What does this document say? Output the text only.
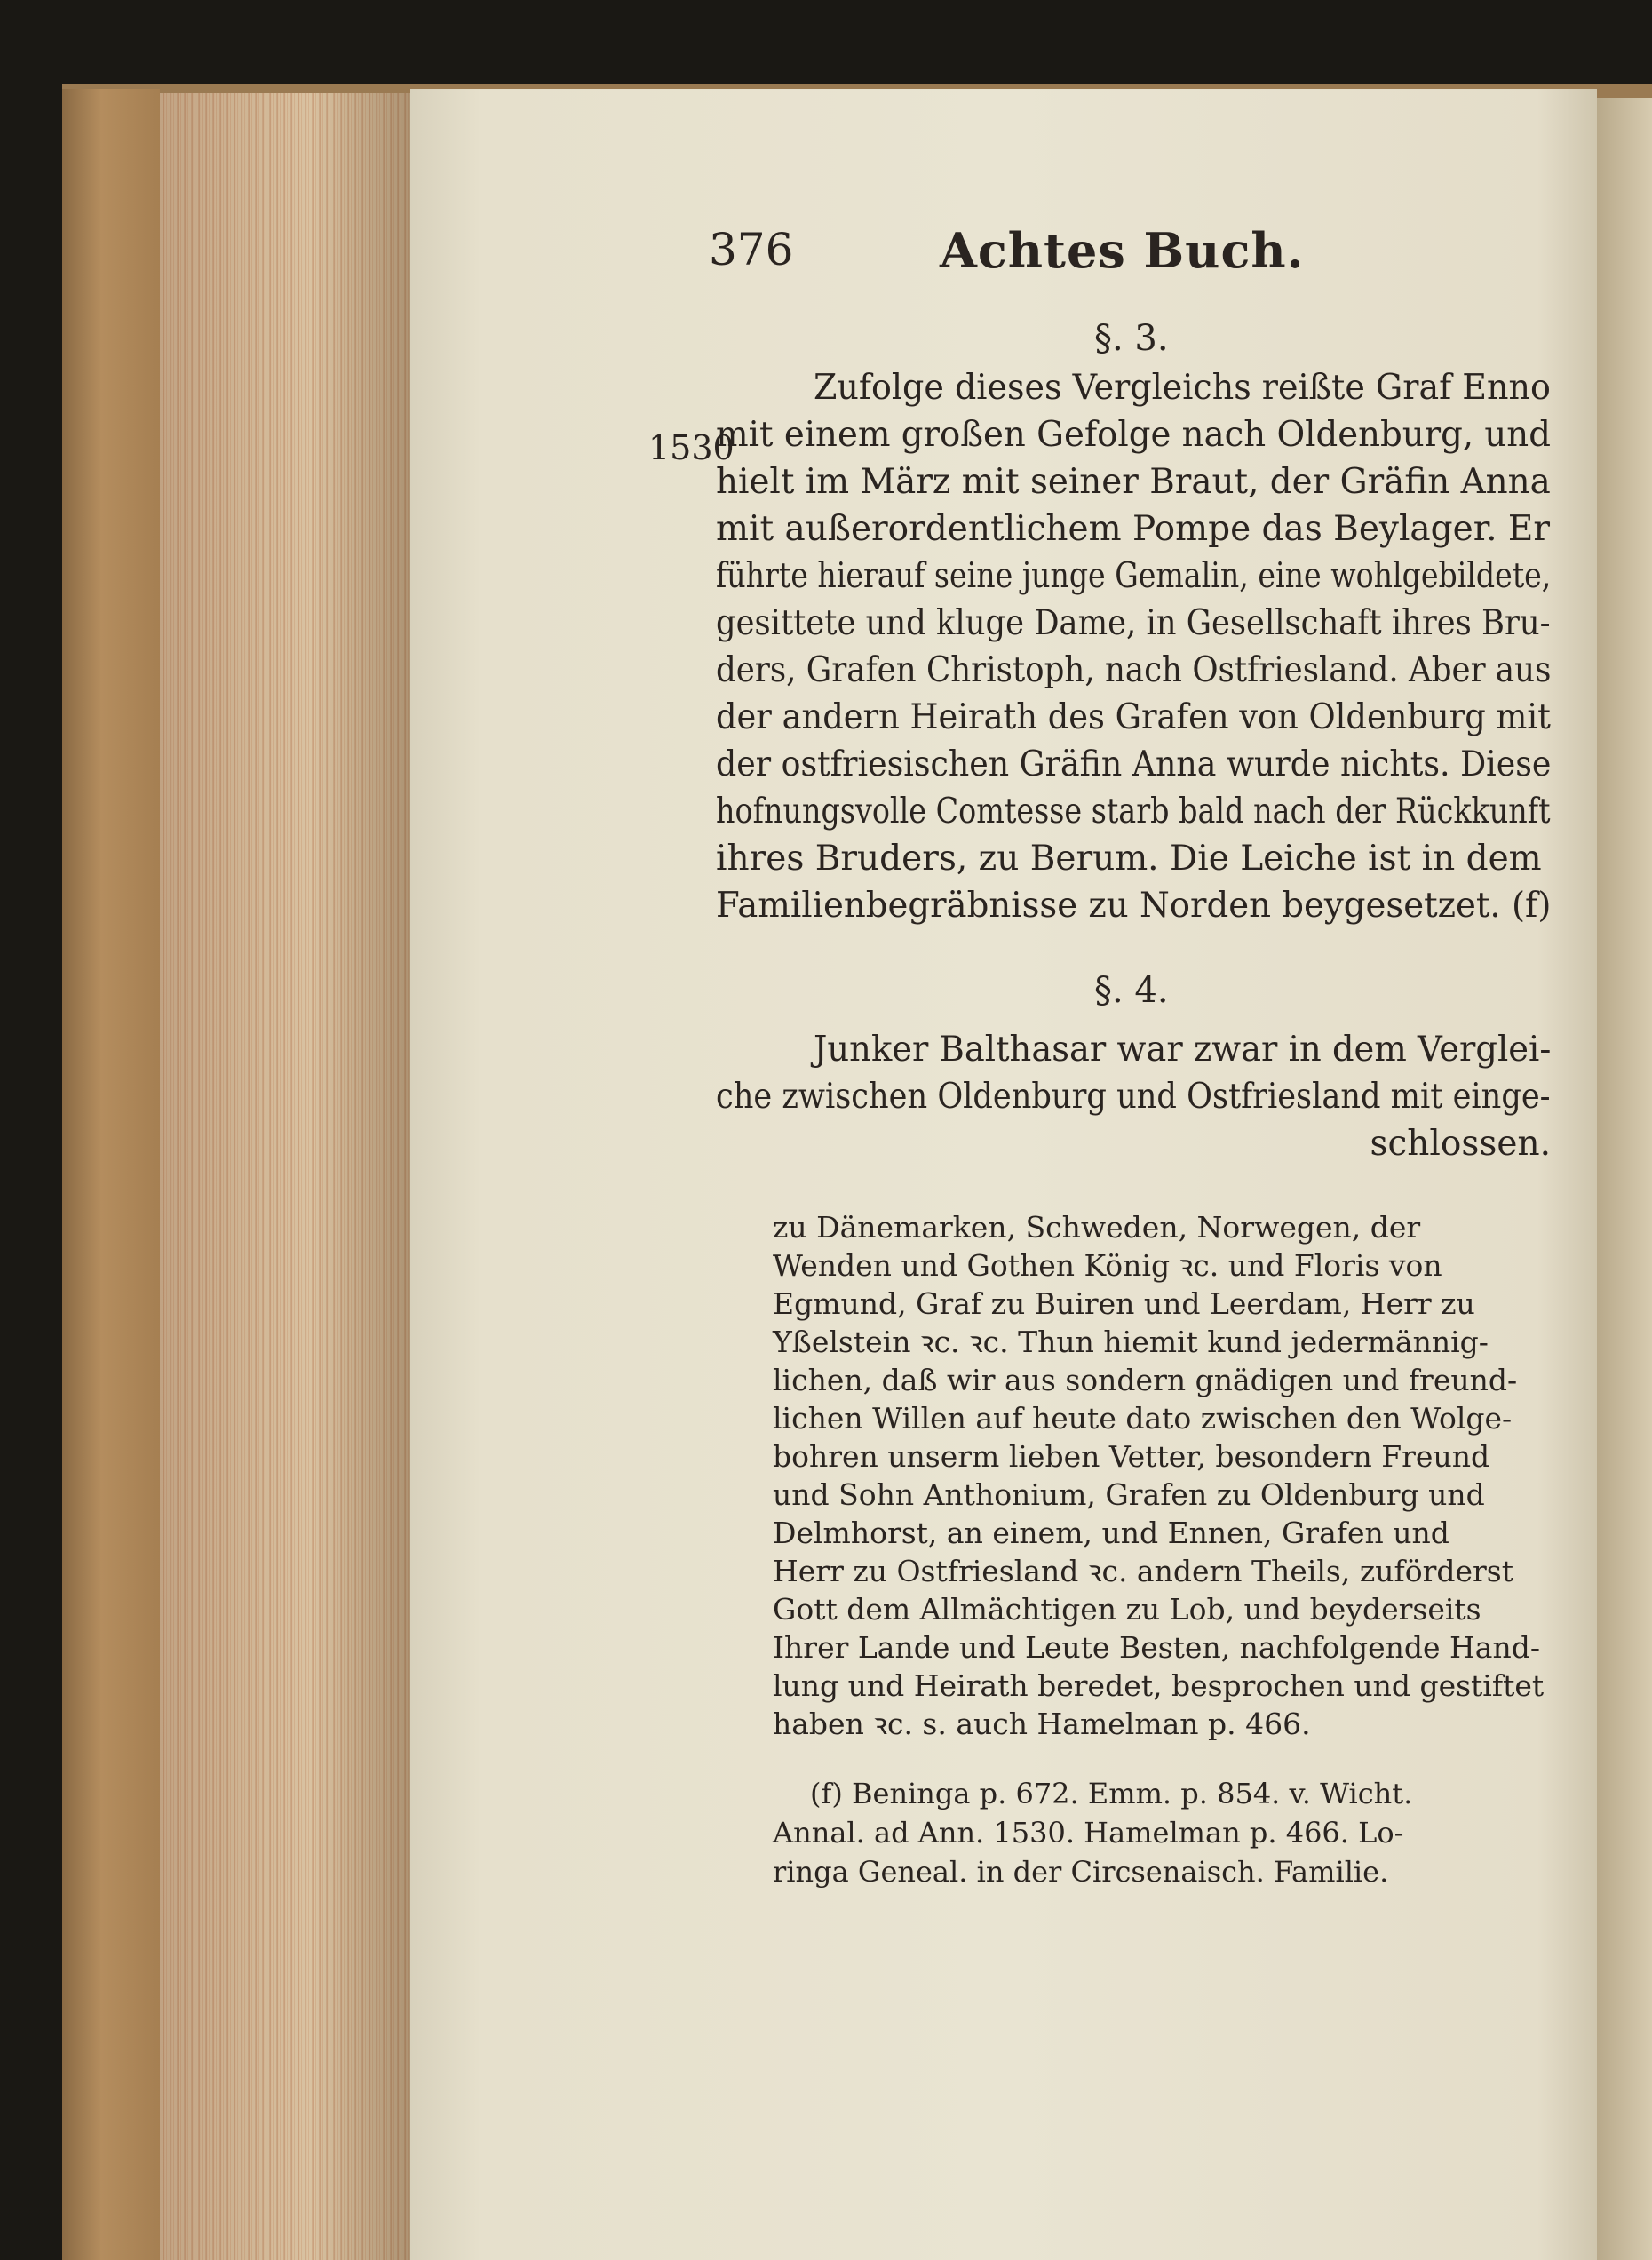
376	Achtes Buch.
§. 3.
1530
Zufolge dieses Vergleichs reißte Graf Enno
mit einem großen Gefolge nach Oldenburg, und
hielt im März mit seiner Braut, der Gräfin Anna
mit außerordentlichem Pompe das Beylager. Er
führte hierauf seine junge Gemalin, eine wohlgebildete,
gesittete und kluge Dame, in Gesellschaft ihres Bru-
ders, Grafen Christoph, nach Ostfriesland. Aber aus
der andern Heirath des Grafen von Oldenburg mit
der ostfriesischen Gräfin Anna wurde nichts. Diese
hofnungsvolle Comtesse starb bald nach der Rückkunft
ihres Bruders, zu Berum. Die Leiche ist in dem
Familienbegräbnisse zu Norden beygesetzet. (f)
§. 4.
Junker Balthasar war zwar in dem Verglei-
che zwischen Oldenburg und Ostfriesland mit einge-
schlossen.
zu Dänemarken, Schweden, Norwegen, der
Wenden und Gothen König ꝛc. und Floris von
Egmund, Graf zu Buiren und Leerdam, Herr zu
Yßelstein ꝛc. ꝛc. Thun hiemit kund jedermännig-
lichen, daß wir aus sondern gnädigen und freund-
lichen Willen auf heute dato zwischen den Wolge-
bohren unserm lieben Vetter, besondern Freund
und Sohn Anthonium, Grafen zu Oldenburg und
Delmhorst, an einem, und Ennen, Grafen und
Herr zu Ostfriesland ꝛc. andern Theils, zuförderst
Gott dem Allmächtigen zu Lob, und beyderseits
Ihrer Lande und Leute Besten, nachfolgende Hand-
lung und Heirath beredet, besprochen und gestiftet
haben ꝛc. s. auch Hamelman p. 466.
(f) Beninga p. 672. Emm. p. 854. v. Wicht.
Annal. ad Ann. 1530. Hamelman p. 466. Lo-
ringa Geneal. in der Circsenaisch. Familie.
